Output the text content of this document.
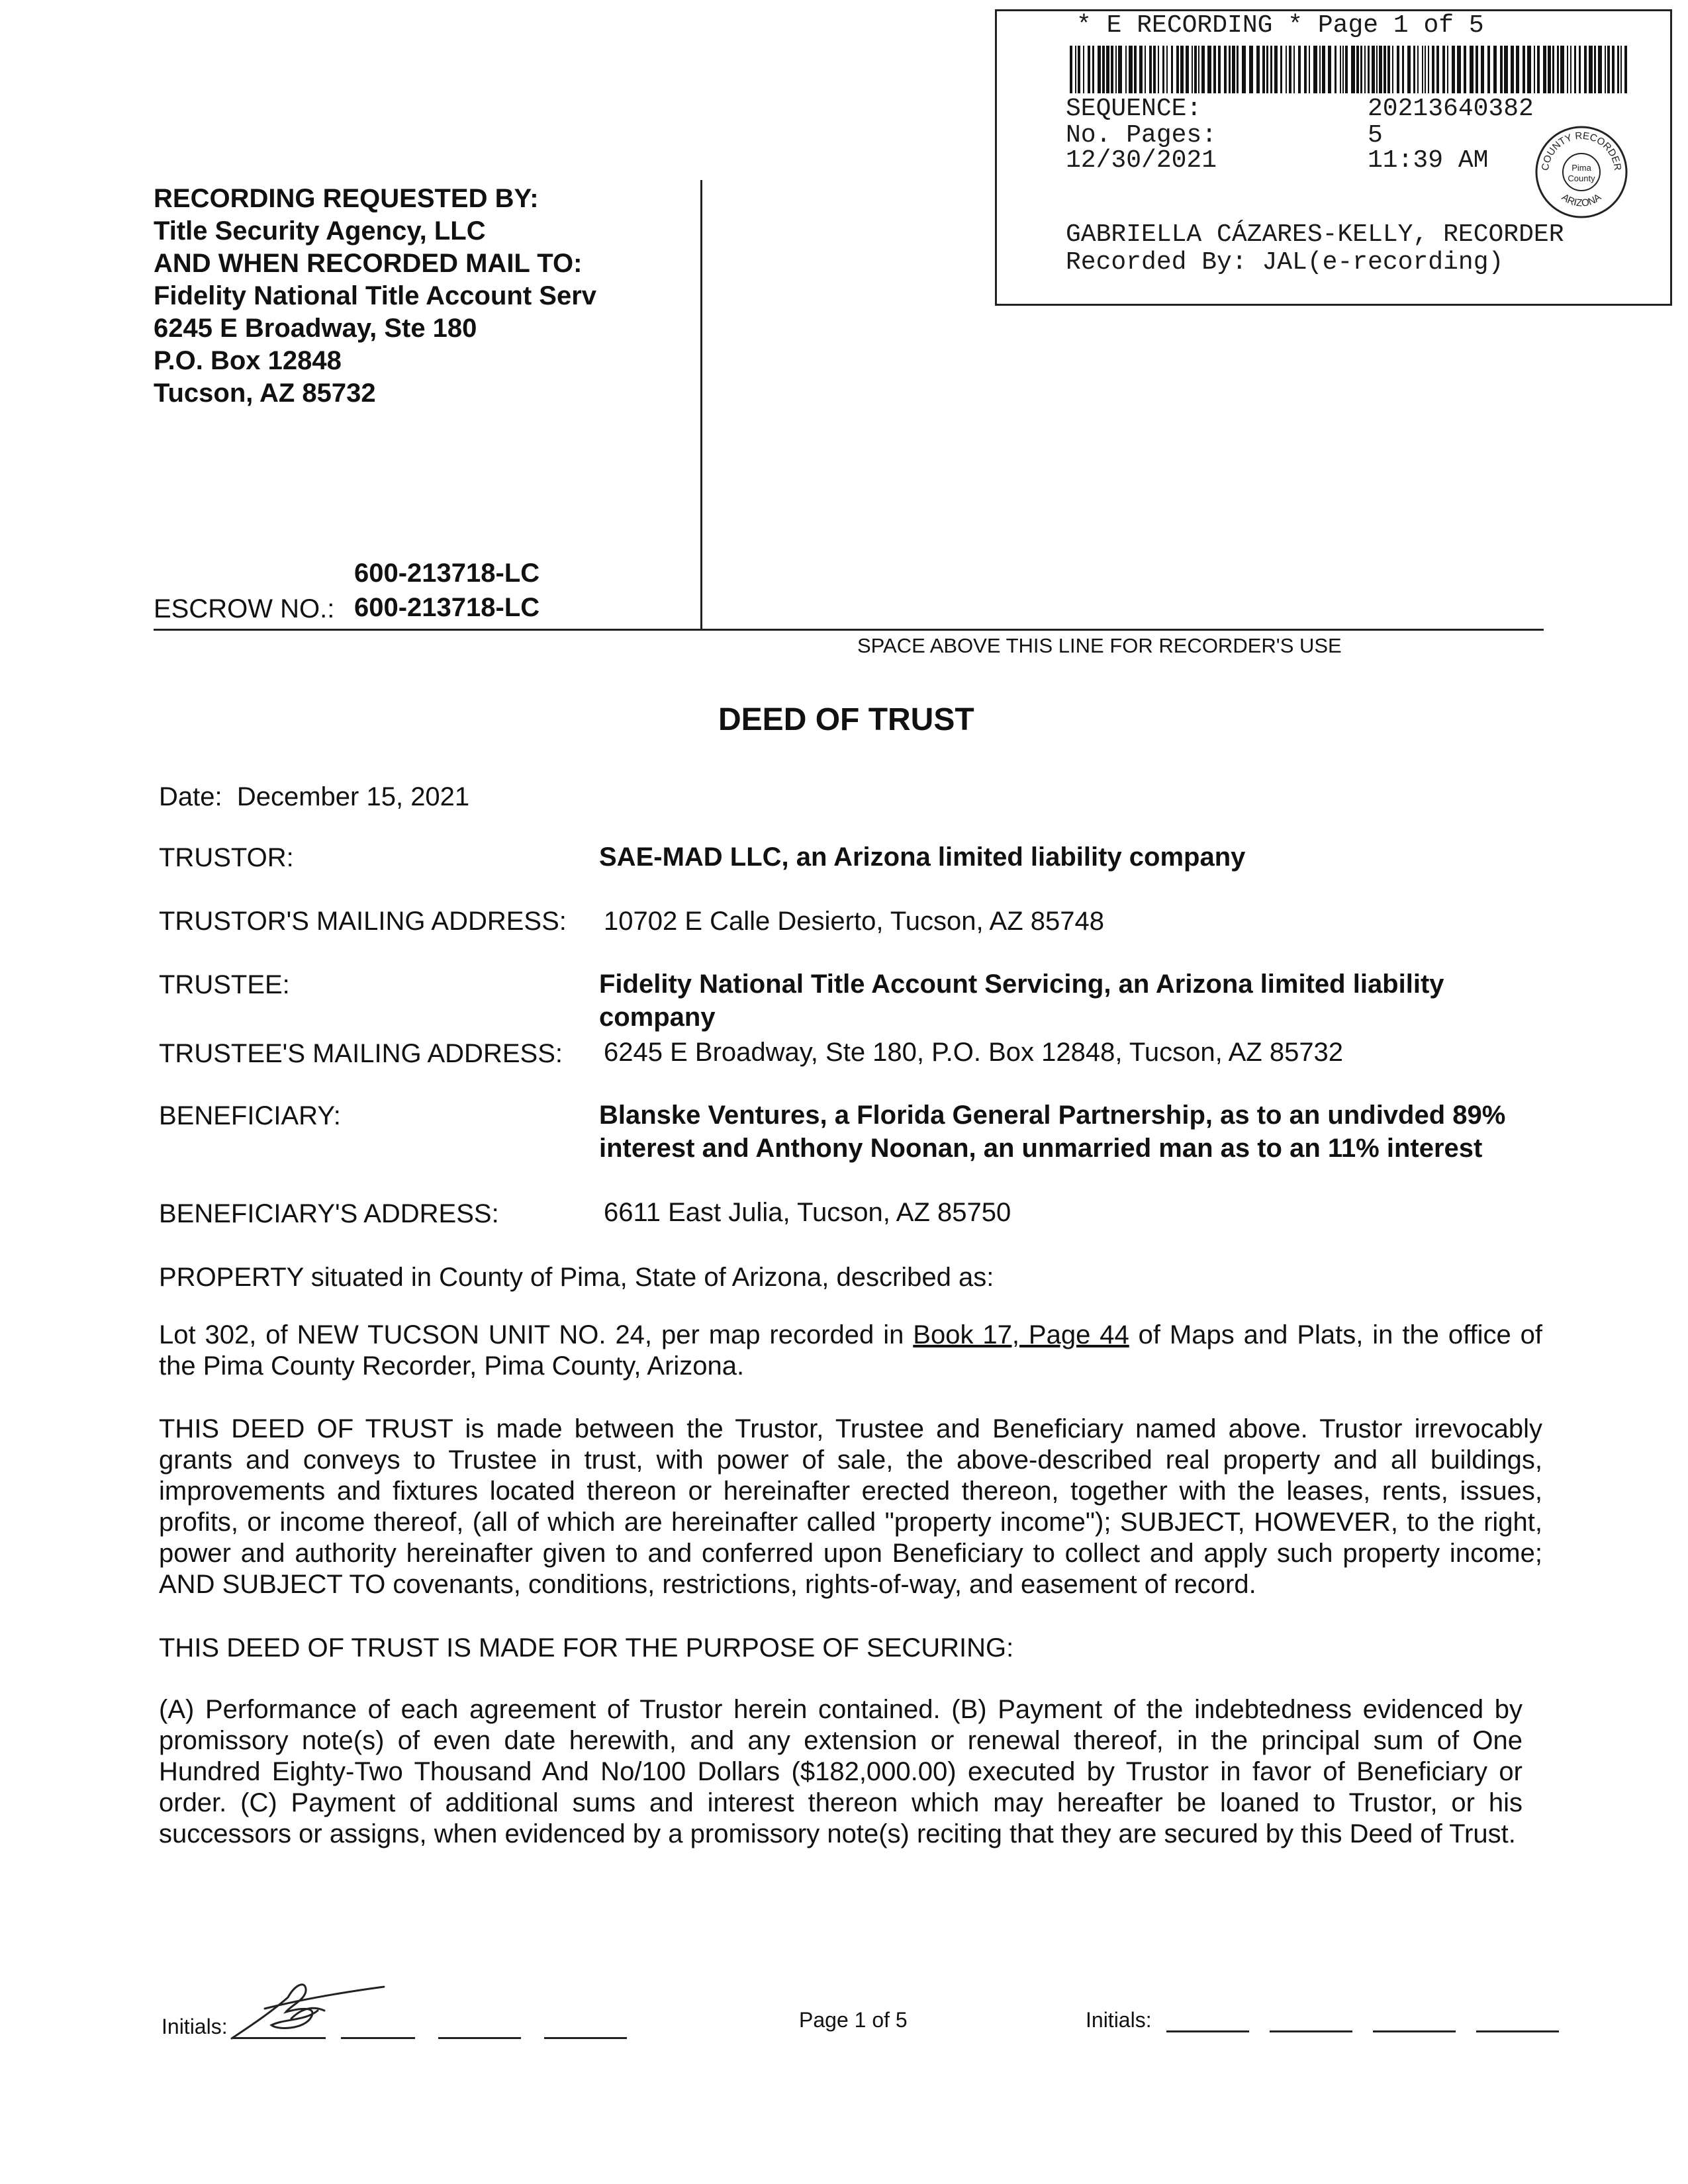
* E RECORDING * Page 1 of 5
SEQUENCE:	20213640382
No. Pages:	5
12/30/2021	11:39 AM
GABRIELLA CÁZARES-KELLY, RECORDER
Recorded By: JAL(e-recording)
COUNTY RECORDER
ARIZONA
Pima
County
RECORDING REQUESTED BY:
Title Security Agency, LLC
AND WHEN RECORDED MAIL TO:
Fidelity National Title Account Serv
6245 E Broadway, Ste 180
P.O. Box 12848
Tucson, AZ 85732
600-213718-LC
ESCROW NO.: 600-213718-LC
SPACE ABOVE THIS LINE FOR RECORDER'S USE
DEED OF TRUST
Date: December 15, 2021
TRUSTOR:	SAE-MAD LLC, an Arizona limited liability company
TRUSTOR'S MAILING ADDRESS: 10702 E Calle Desierto, Tucson, AZ 85748
TRUSTEE:	Fidelity National Title Account Servicing, an Arizona limited liability
company
TRUSTEE'S MAILING ADDRESS: 6245 E Broadway, Ste 180, P.O. Box 12848, Tucson, AZ 85732
BENEFICIARY:	Blanske Ventures, a Florida General Partnership, as to an undivded 89%
interest and Anthony Noonan, an unmarried man as to an 11% interest
BENEFICIARY'S ADDRESS:	6611 East Julia, Tucson, AZ 85750
PROPERTY situated in County of Pima, State of Arizona, described as:
Lot 302, of NEW TUCSON UNIT NO. 24, per map recorded in Book 17, Page 44 of Maps and Plats, in the office of the Pima County Recorder, Pima County, Arizona.
THIS DEED OF TRUST is made between the Trustor, Trustee and Beneficiary named above. Trustor irrevocably grants and conveys to Trustee in trust, with power of sale, the above-described real property and all buildings, improvements and fixtures located thereon or hereinafter erected thereon, together with the leases, rents, issues, profits, or income thereof, (all of which are hereinafter called "property income"); SUBJECT, HOWEVER, to the right, power and authority hereinafter given to and conferred upon Beneficiary to collect and apply such property income; AND SUBJECT TO covenants, conditions, restrictions, rights-of-way, and easement of record.
THIS DEED OF TRUST IS MADE FOR THE PURPOSE OF SECURING:
(A) Performance of each agreement of Trustor herein contained. (B) Payment of the indebtedness evidenced by promissory note(s) of even date herewith, and any extension or renewal thereof, in the principal sum of One Hundred Eighty-Two Thousand And No/100 Dollars ($182,000.00) executed by Trustor in favor of Beneficiary or order. (C) Payment of additional sums and interest thereon which may hereafter be loaned to Trustor, or his successors or assigns, when evidenced by a promissory note(s) reciting that they are secured by this Deed of Trust.
Initials:	Page 1 of 5	Initials:
